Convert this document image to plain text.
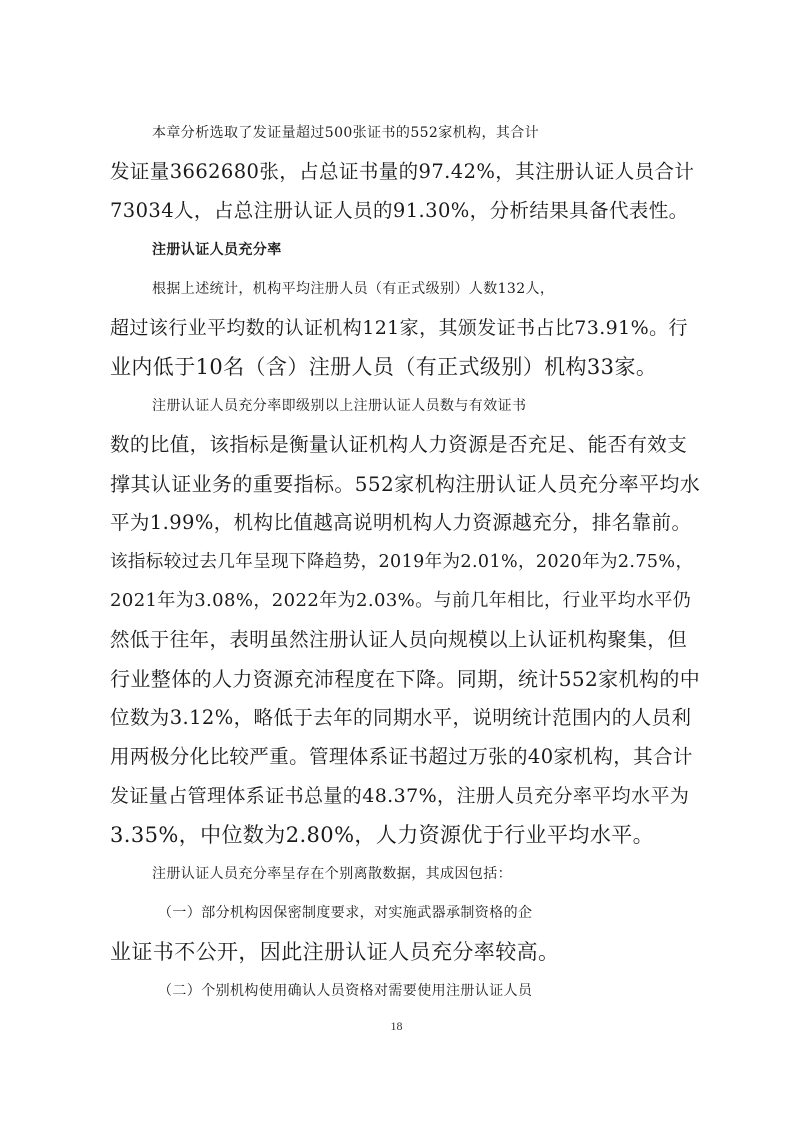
本章分析选取了发证量超过500张证书的552家机构，其合计
发证量3662680张，占总证书量的97.42%，其注册认证人员合计
73034人，占总注册认证人员的91.30%，分析结果具备代表性。
注册认证人员充分率
根据上述统计，机构平均注册人员（有正式级别）人数132人，
超过该行业平均数的认证机构121家，其颁发证书占比73.91%。行
业内低于10名（含）注册人员（有正式级别）机构33家。
注册认证人员充分率即级别以上注册认证人员数与有效证书
数的比值，该指标是衡量认证机构人力资源是否充足、能否有效支
撑其认证业务的重要指标。552家机构注册认证人员充分率平均水
平为1.99%，机构比值越高说明机构人力资源越充分，排名靠前。
该指标较过去几年呈现下降趋势，2019年为2.01%，2020年为2.75%，
2021年为3.08%，2022年为2.03%。与前几年相比，行业平均水平仍
然低于往年，表明虽然注册认证人员向规模以上认证机构聚集，但
行业整体的人力资源充沛程度在下降。同期，统计552家机构的中
位数为3.12%，略低于去年的同期水平，说明统计范围内的人员利
用两极分化比较严重。管理体系证书超过万张的40家机构，其合计
发证量占管理体系证书总量的48.37%，注册人员充分率平均水平为
3.35%，中位数为2.80%，人力资源优于行业平均水平。
注册认证人员充分率呈存在个别离散数据，其成因包括：
（一）部分机构因保密制度要求，对实施武器承制资格的企
业证书不公开，因此注册认证人员充分率较高。
（二）个别机构使用确认人员资格对需要使用注册认证人员
18
